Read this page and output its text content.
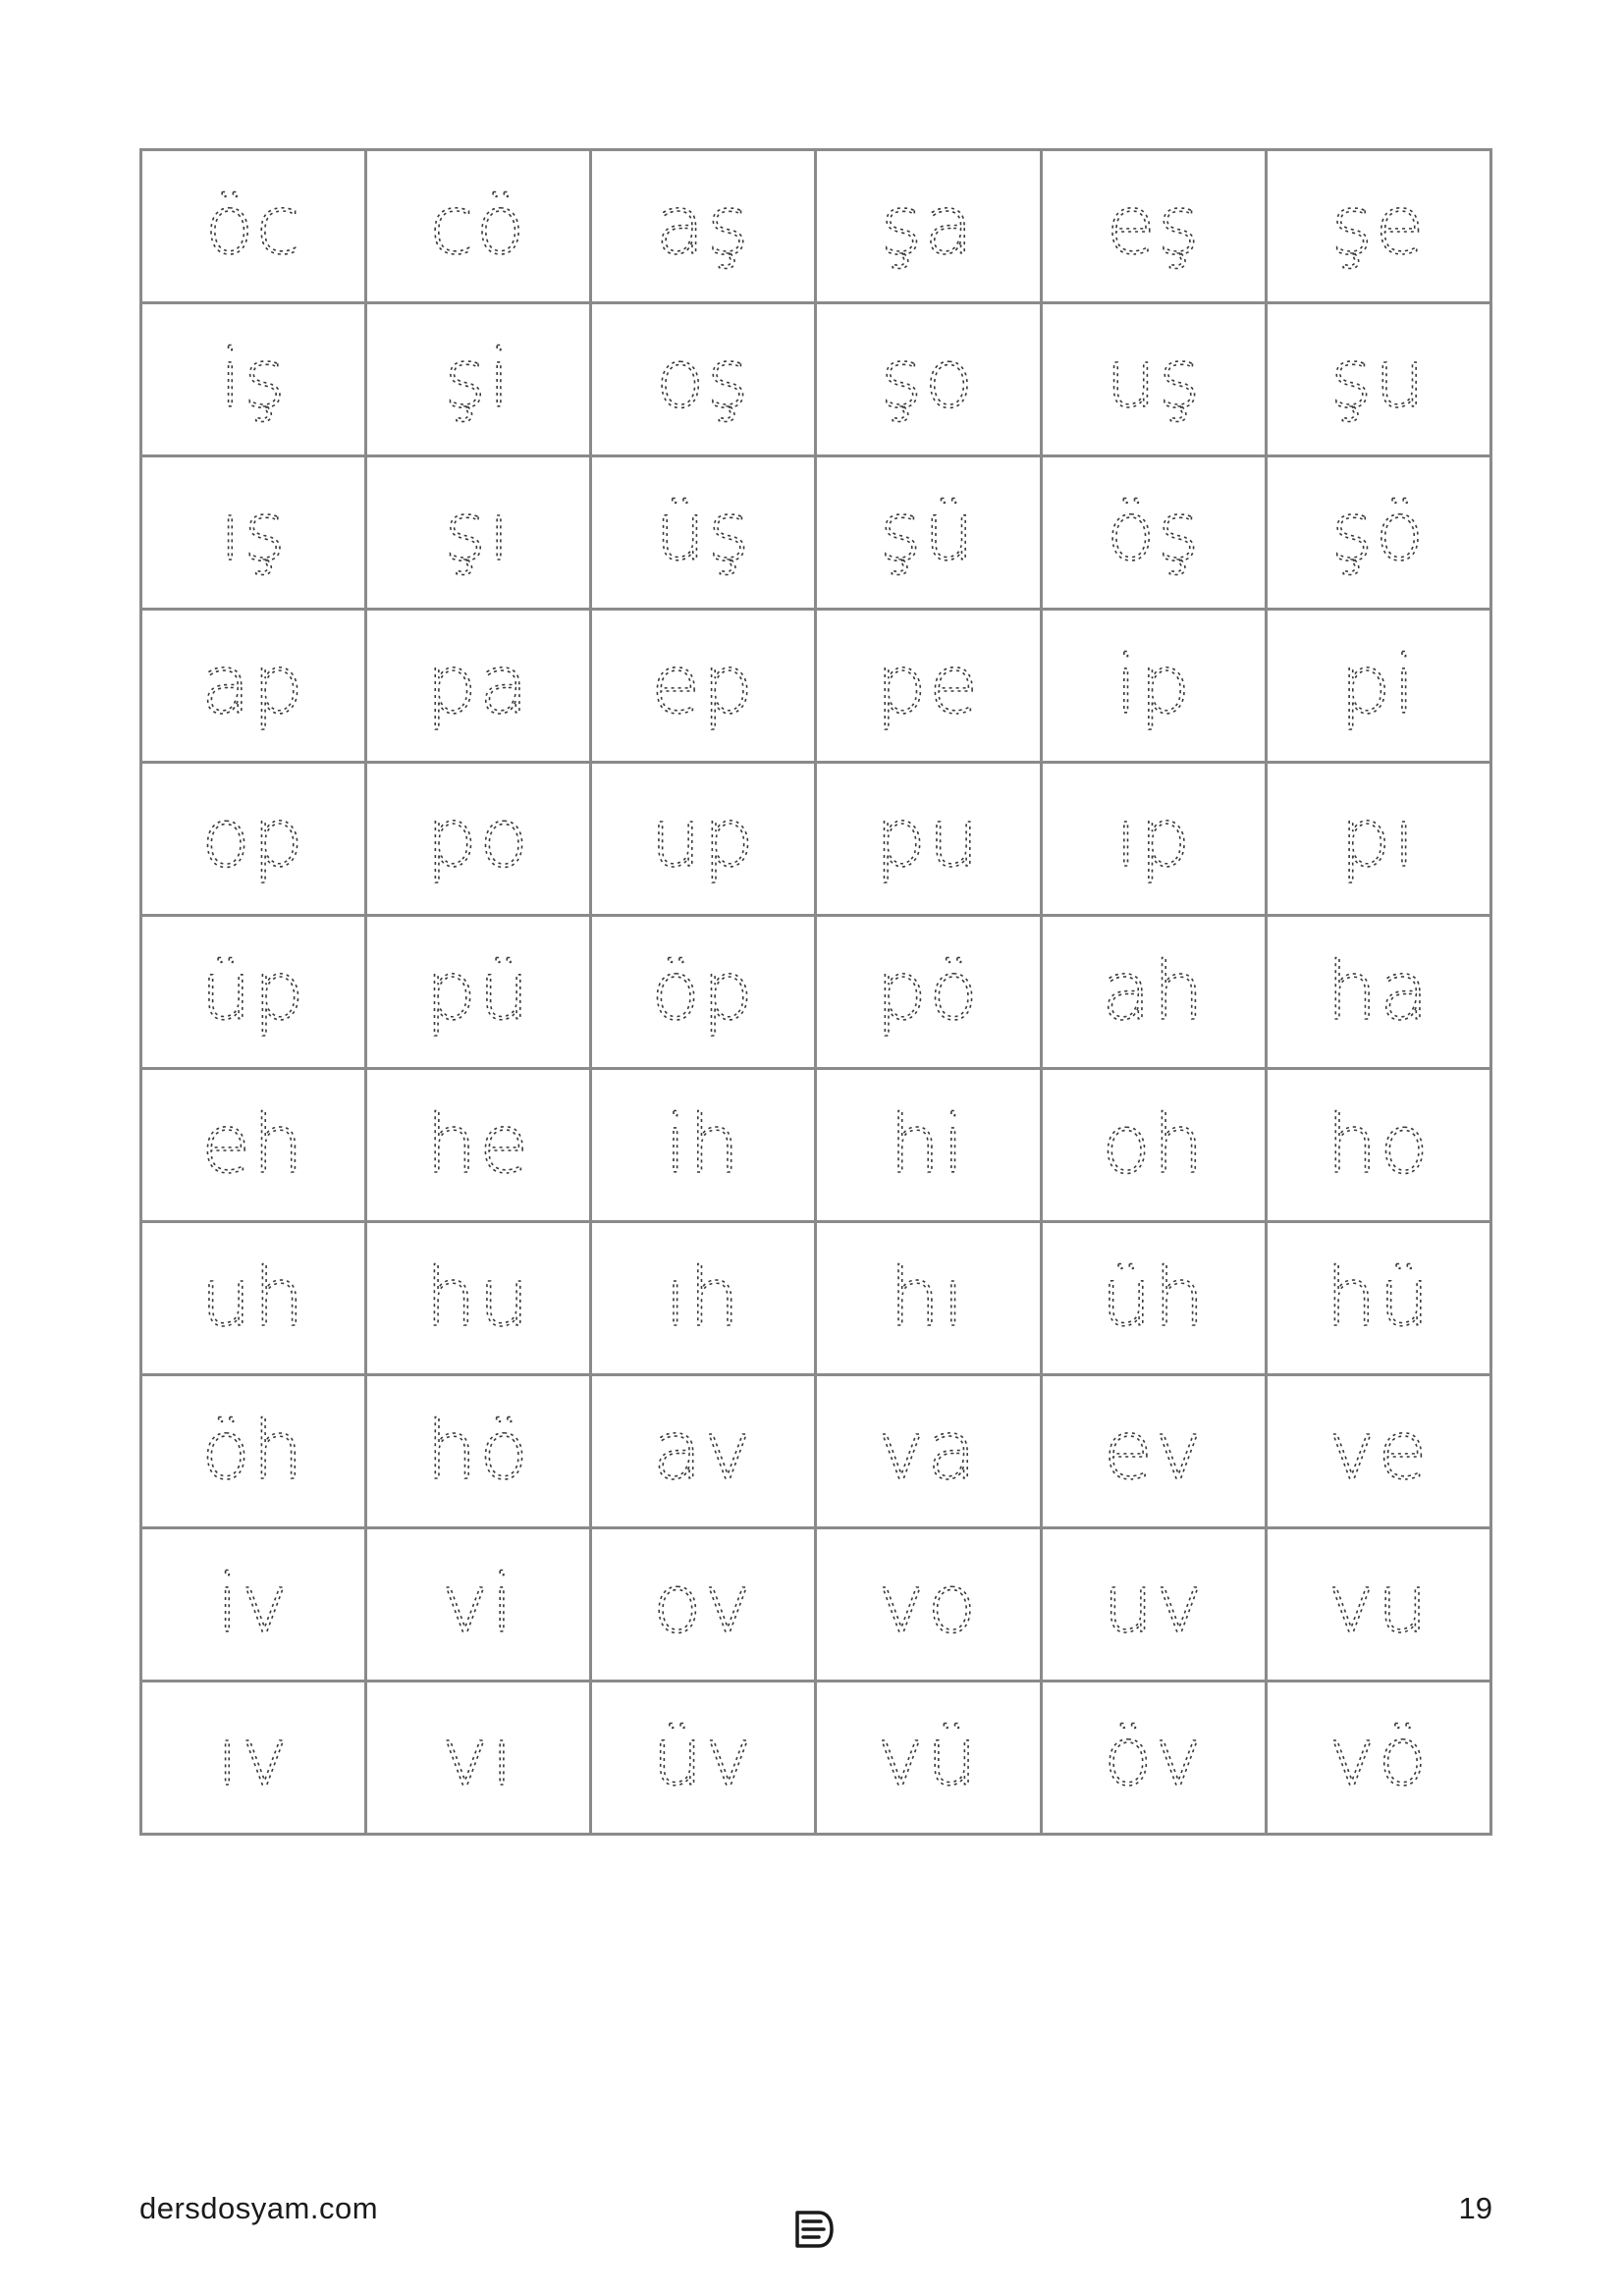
öc	cö	aş	şa	eş	şe

iş	şi	oş	şo	uş	şu

ış	şı	üş	şü	öş	şö

ap	pa	ep	pe	ip	pi

op	po	up	pu	ıp	pı

üp	pü	öp	pö	ah	ha

eh	he	ih	hi	oh	ho

uh	hu	ıh	hı	üh	hü

öh	hö	av	va	ev	ve

iv	vi	ov	vo	uv	vu

ıv	vı	üv	vü	öv	vö
dersdosyam.com	19
